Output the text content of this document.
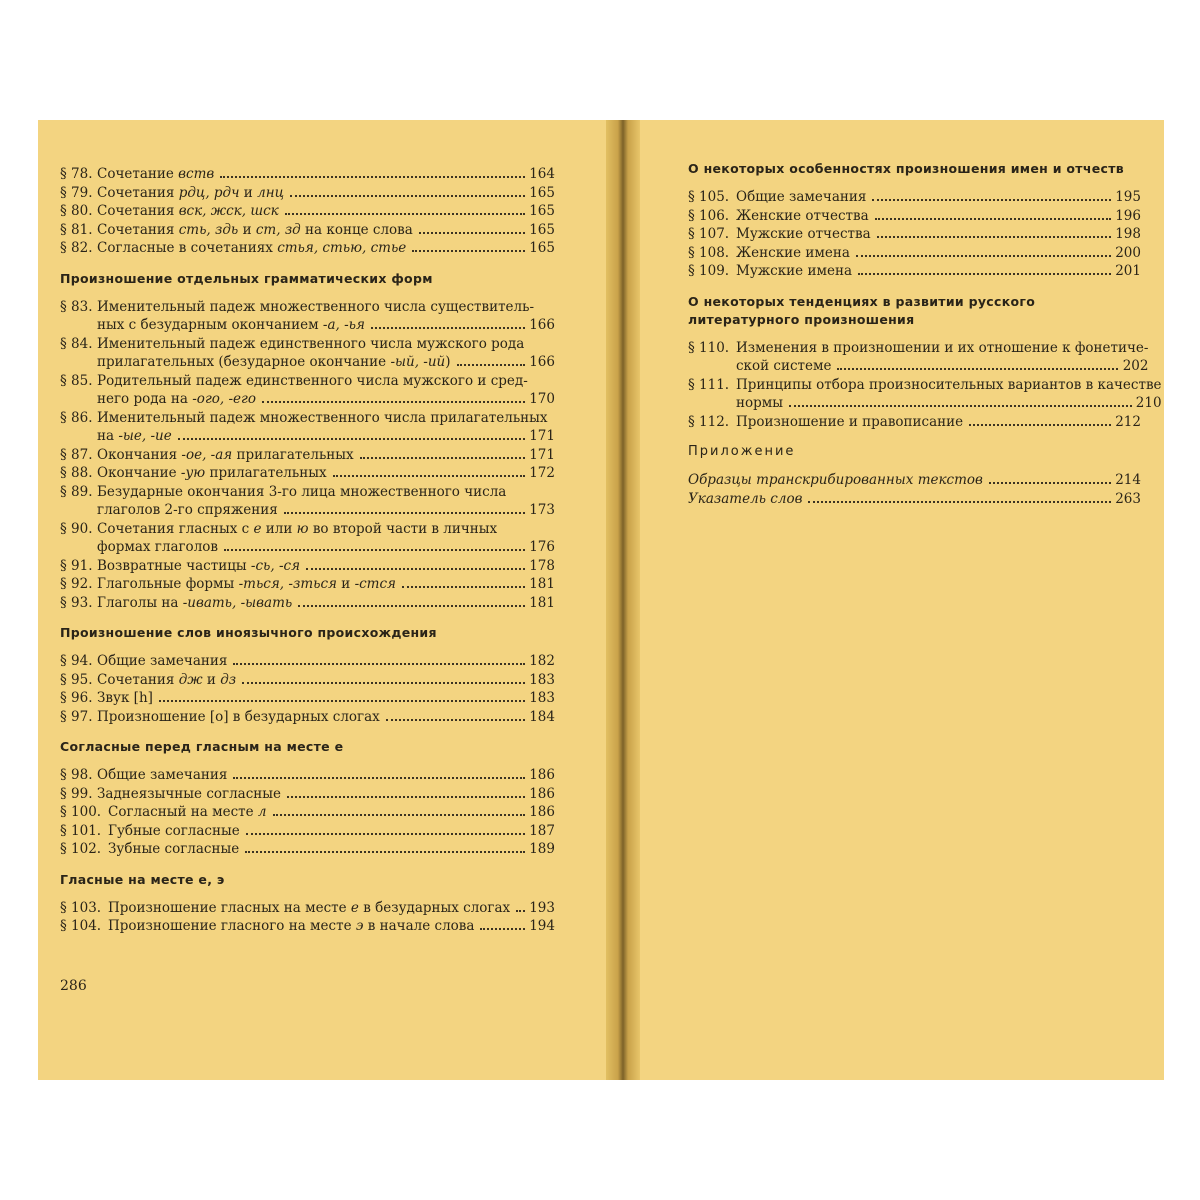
§ 78. Сочетание вств	164
§ 79. Сочетания рдц, рдч и лнц	165
§ 80. Сочетания вск, жск, шск	165
§ 81. Сочетания сть, здь и ст, зд на конце слова	165
§ 82. Согласные в сочетаниях стья, стью, стье	165
Произношение отдельных грамматических форм
§ 83. Именительный падеж множественного числа существитель-
ных с безударным окончанием -а, -ья	166
§ 84. Именительный падеж единственного числа мужского рода
прилагательных (безударное окончание -ый, -ий)	166
§ 85. Родительный падеж единственного числа мужского и сред-
него рода на -ого, -его	170
§ 86. Именительный падеж множественного числа прилагательных
на -ые, -ие	171
§ 87. Окончания -ое, -ая прилагательных	171
§ 88. Окончание -ую прилагательных	172
§ 89. Безударные окончания 3-го лица множественного числа
глаголов 2-го спряжения	173
§ 90. Сочетания гласных с е или ю во второй части в личных
формах глаголов	176
§ 91. Возвратные частицы -сь, -ся	178
§ 92. Глагольные формы -ться, -зться и -стся	181
§ 93. Глаголы на -ивать, -ывать	181
Произношение слов иноязычного происхождения
§ 94. Общие замечания	182
§ 95. Сочетания дж и дз	183
§ 96. Звук [h]	183
§ 97. Произношение [о] в безударных слогах	184
Согласные перед гласным на месте е
§ 98. Общие замечания	186
§ 99. Заднеязычные согласные	186
§ 100. Согласный на месте л	186
§ 101. Губные согласные	187
§ 102. Зубные согласные	189
Гласные на месте е, э
§ 103. Произношение гласных на месте е в безударных слогах 193
§ 104. Произношение гласного на месте э в начале слова	194
286
О некоторых особенностях произношения имен и отчеств
§ 105. Общие замечания	195
§ 106. Женские отчества	196
§ 107. Мужские отчества	198
§ 108. Женские имена	200
§ 109. Мужские имена	201
О некоторых тенденциях в развитии русского литературного произношения
§ 110. Изменения в произношении и их отношение к фонетиче-
ской системе	202
§ 111. Принципы отбора произносительных вариантов в качестве
нормы	210
§ 112. Произношение и правописание	212
Приложение
Образцы транскрибированных текстов	214
Указатель слов	263
